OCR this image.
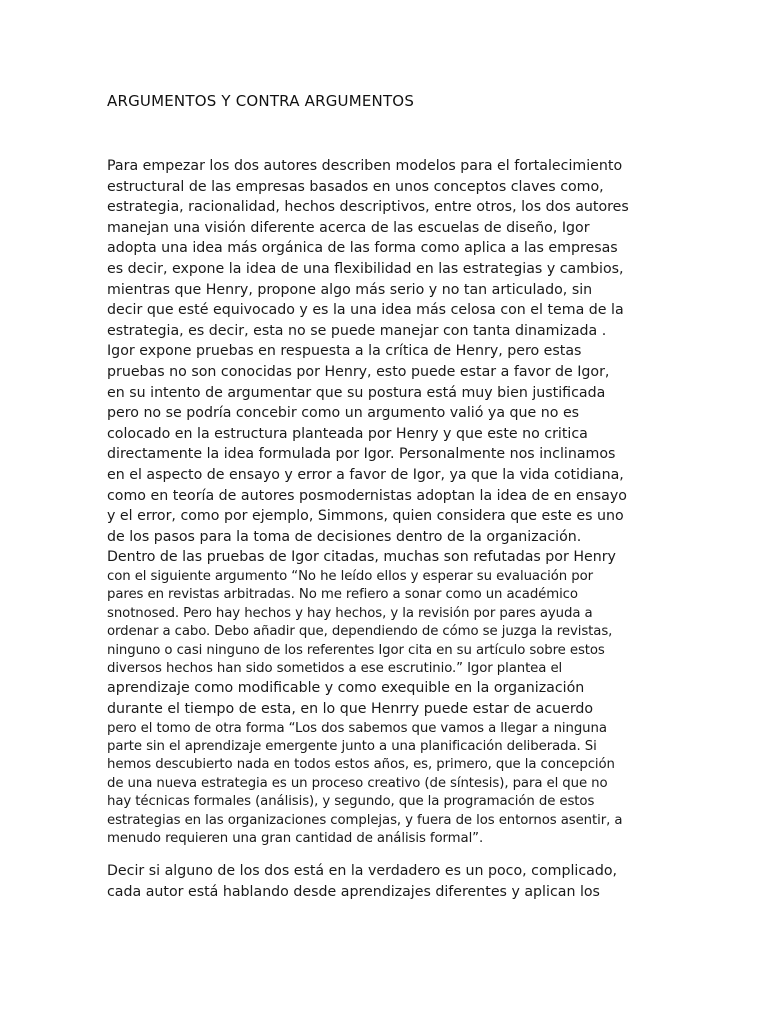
ARGUMENTOS Y CONTRA ARGUMENTOS
Para empezar los dos autores describen modelos para el fortalecimiento
estructural de las empresas basados en unos conceptos claves como,
estrategia, racionalidad, hechos descriptivos, entre otros, los dos autores
manejan una visión diferente acerca de las escuelas de diseño, Igor
adopta una idea más orgánica de las forma como aplica a las empresas
es decir, expone la idea de una flexibilidad en las estrategias y cambios,
mientras que Henry, propone algo más serio y no tan articulado, sin
decir que esté equivocado y es la una idea más celosa con el tema de la
estrategia, es decir, esta no se puede manejar con tanta dinamizada .
Igor expone pruebas en respuesta a la crítica de Henry, pero estas
pruebas no son conocidas por Henry, esto puede estar a favor de Igor,
en su intento de argumentar que su postura está muy bien justificada
pero no se podría concebir como un argumento valió ya que no es
colocado en la estructura planteada por Henry y que este no critica
directamente la idea formulada por Igor. Personalmente nos inclinamos
en el aspecto de ensayo y error a favor de Igor, ya que la vida cotidiana,
como en teoría de autores posmodernistas adoptan la idea de en ensayo
y el error, como por ejemplo, Simmons, quien considera que este es uno
de los pasos para la toma de decisiones dentro de la organización.
Dentro de las pruebas de Igor citadas, muchas son refutadas por Henry
con el siguiente argumento “No he leído ellos y esperar su evaluación por
pares en revistas arbitradas. No me refiero a sonar como un académico
snotnosed. Pero hay hechos y hay hechos, y la revisión por pares ayuda a
ordenar a cabo. Debo añadir que, dependiendo de cómo se juzga la revistas,
ninguno o casi ninguno de los referentes Igor cita en su artículo sobre estos
diversos hechos han sido sometidos a ese escrutinio.” Igor plantea el
aprendizaje como modificable y como exequible en la organización
durante el tiempo de esta, en lo que Henrry puede estar de acuerdo
pero el tomo de otra forma “Los dos sabemos que vamos a llegar a ninguna
parte sin el aprendizaje emergente junto a una planificación deliberada. Si
hemos descubierto nada en todos estos años, es, primero, que la concepción
de una nueva estrategia es un proceso creativo (de síntesis), para el que no
hay técnicas formales (análisis), y segundo, que la programación de estos
estrategias en las organizaciones complejas, y fuera de los entornos asentir, a
menudo requieren una gran cantidad de análisis formal”.
Decir si alguno de los dos está en la verdadero es un poco, complicado,
cada autor está hablando desde aprendizajes diferentes y aplican los
